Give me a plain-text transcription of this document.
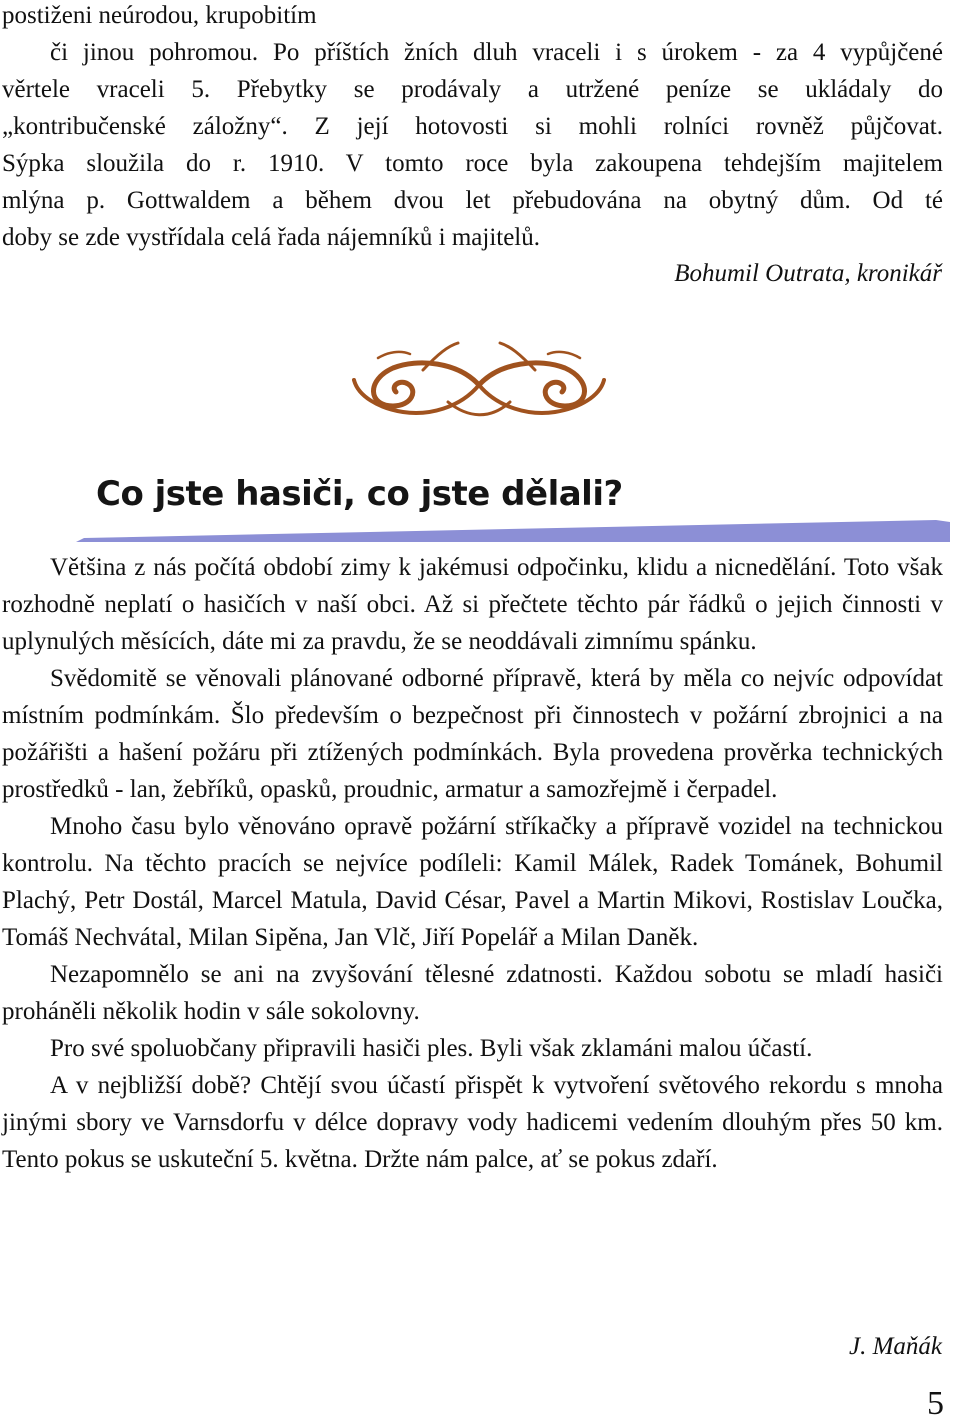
postiženi neúrodou, krupobitím

či jinou pohromou. Po příštích žních dluh vraceli i s úrokem - za 4 vypůjčené

věrtele vraceli 5. Přebytky se prodávaly a utržené peníze se ukládaly do

„kontribučenské záložny“. Z její hotovosti si mohli rolníci rovněž půjčovat.

Sýpka sloužila do r. 1910. V tomto roce byla zakoupena tehdejším majitelem

mlýna p. Gottwaldem a během dvou let přebudována na obytný dům. Od té

doby se zde vystřídala celá řada nájemníků i majitelů.

Bohumil Outrata, kronikář
Co jste hasiči, co jste dělali?

Většina z nás počítá období zimy k jakémusi odpočinku, klidu a nicnedělání. Toto však rozhodně neplatí o hasičích v naší obci. Až si přečtete těchto pár řádků o jejich činnosti v uplynulých měsících, dáte mi za pravdu, že se neoddávali zimnímu spánku.

Svědomitě se věnovali plánované odborné přípravě, která by měla co nejvíc odpovídat místním podmínkám. Šlo především o bezpečnost při činnostech v požární zbrojnici a na požářišti a hašení požáru při ztížených podmínkách. Byla provedena prověrka technických prostředků - lan, žebříků, opasků, proudnic, armatur a samozřejmě i čerpadel.

Mnoho času bylo věnováno opravě požární stříkačky a přípravě vozidel na technickou kontrolu. Na těchto pracích se nejvíce podíleli: Kamil Málek, Radek Tománek, Bohumil Plachý, Petr Dostál, Marcel Matula, David César, Pavel a Martin Mikovi, Rostislav Loučka, Tomáš Nechvátal, Milan Sipěna, Jan Vlč, Jiří Popelář a Milan Daněk.

Nezapomnělo se ani na zvyšování tělesné zdatnosti. Každou sobotu se mladí hasiči proháněli několik hodin v sále sokolovny.

Pro své spoluobčany připravili hasiči ples. Byli však zklamáni malou účastí.

A v nejbližší době? Chtějí svou účastí přispět k vytvoření světového rekordu s mnoha jinými sbory ve Varnsdorfu v délce dopravy vody hadicemi vedením dlouhým přes 50 km. Tento pokus se uskuteční 5. května. Držte nám palce, ať se pokus zdaří.

J. Maňák
5
